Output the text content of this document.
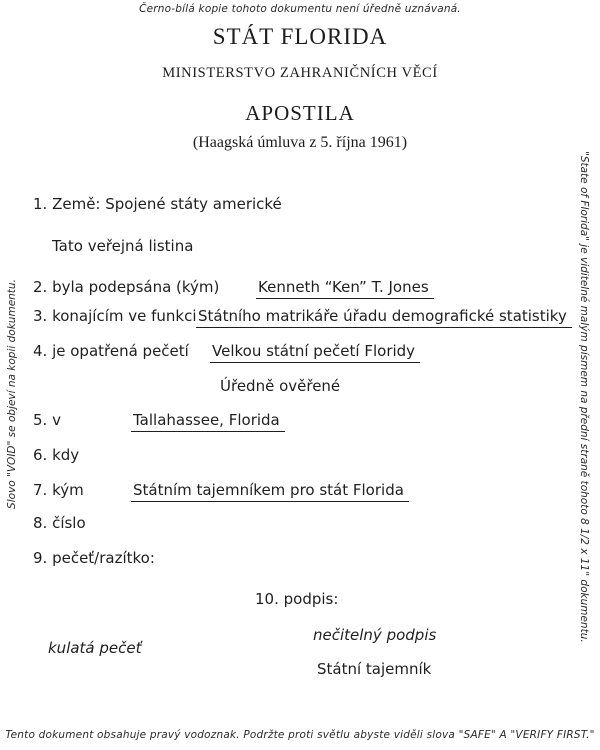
Černo-bílá kopie tohoto dokumentu není úředně uznávaná.
STÁT FLORIDA
MINISTERSTVO ZAHRANIČNÍCH VĚCÍ
APOSTILA
(Haagská úmluva z 5. října 1961)
Slovo "VOID" se objeví na kopii dokumentu.	"State of Florida" je viditelné malým písmem na přední straně tohoto 8 1/2 x 11" dokumentu.
1. Země: Spojené státy americké
Tato veřejná listina
2. byla podepsána (kým)	Kenneth “Ken” T. Jones
3. konajícím ve funkci Státního matrikáře úřadu demografické statistiky
4. je opatřená pečetí Velkou státní pečetí Floridy
Úředně ověřené
5. v	Tallahassee, Florida
6. kdy
7. kým	Státním tajemníkem pro stát Florida
8. číslo
9. pečeť/razítko:
10. podpis:
nečitelný podpis
kulatá pečeť
Státní tajemník
Tento dokument obsahuje pravý vodoznak. Podržte proti světlu abyste viděli slova "SAFE" A "VERIFY FIRST."
